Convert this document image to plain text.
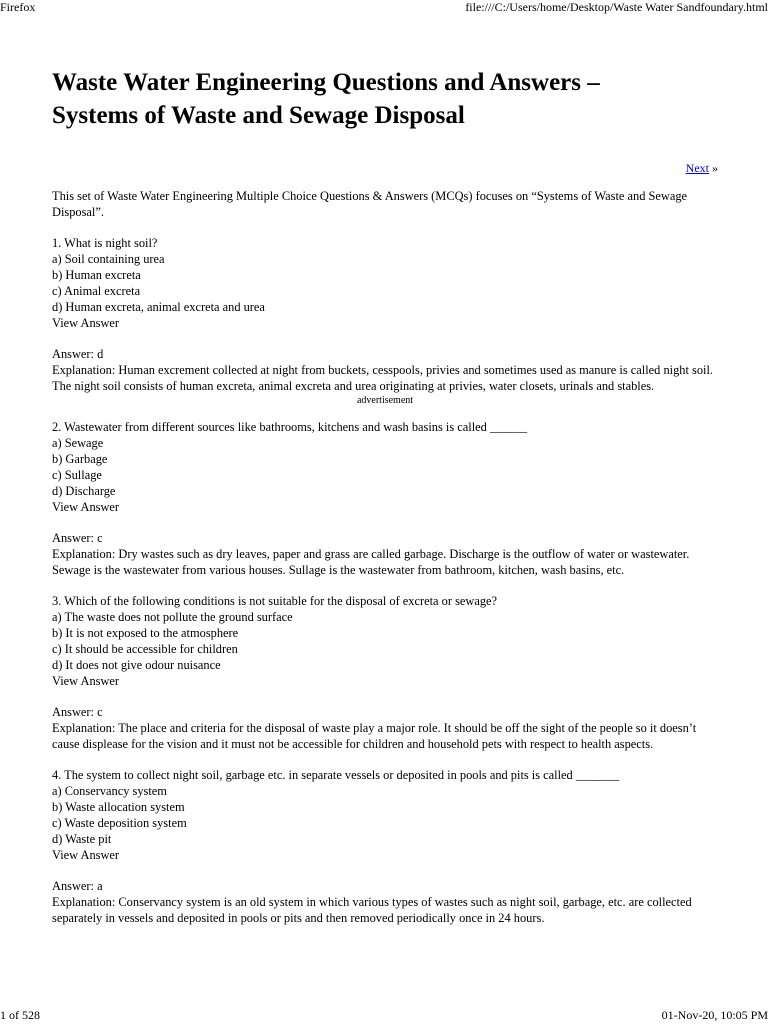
Firefox	file:///C:/Users/home/Desktop/Waste Water Sandfoundary.html
Waste Water Engineering Questions and Answers –
Systems of Waste and Sewage Disposal
Next »
This set of Waste Water Engineering Multiple Choice Questions & Answers (MCQs) focuses on “Systems of Waste and Sewage Disposal”.
1. What is night soil?
a) Soil containing urea
b) Human excreta
c) Animal excreta
d) Human excreta, animal excreta and urea
View Answer
Answer: d
Explanation: Human excrement collected at night from buckets, cesspools, privies and sometimes used as manure is called night soil. The night soil consists of human excreta, animal excreta and urea originating at privies, water closets, urinals and stables.
advertisement
2. Wastewater from different sources like bathrooms, kitchens and wash basins is called ______
a) Sewage
b) Garbage
c) Sullage
d) Discharge
View Answer
Answer: c
Explanation: Dry wastes such as dry leaves, paper and grass are called garbage. Discharge is the outflow of water or wastewater. Sewage is the wastewater from various houses. Sullage is the wastewater from bathroom, kitchen, wash basins, etc.
3. Which of the following conditions is not suitable for the disposal of excreta or sewage?
a) The waste does not pollute the ground surface
b) It is not exposed to the atmosphere
c) It should be accessible for children
d) It does not give odour nuisance
View Answer
Answer: c
Explanation: The place and criteria for the disposal of waste play a major role. It should be off the sight of the people so it doesn’t cause displease for the vision and it must not be accessible for children and household pets with respect to health aspects.
4. The system to collect night soil, garbage etc. in separate vessels or deposited in pools and pits is called _______
a) Conservancy system
b) Waste allocation system
c) Waste deposition system
d) Waste pit
View Answer
Answer: a
Explanation: Conservancy system is an old system in which various types of wastes such as night soil, garbage, etc. are collected separately in vessels and deposited in pools or pits and then removed periodically once in 24 hours.
1 of 528	01-Nov-20, 10:05 PM
